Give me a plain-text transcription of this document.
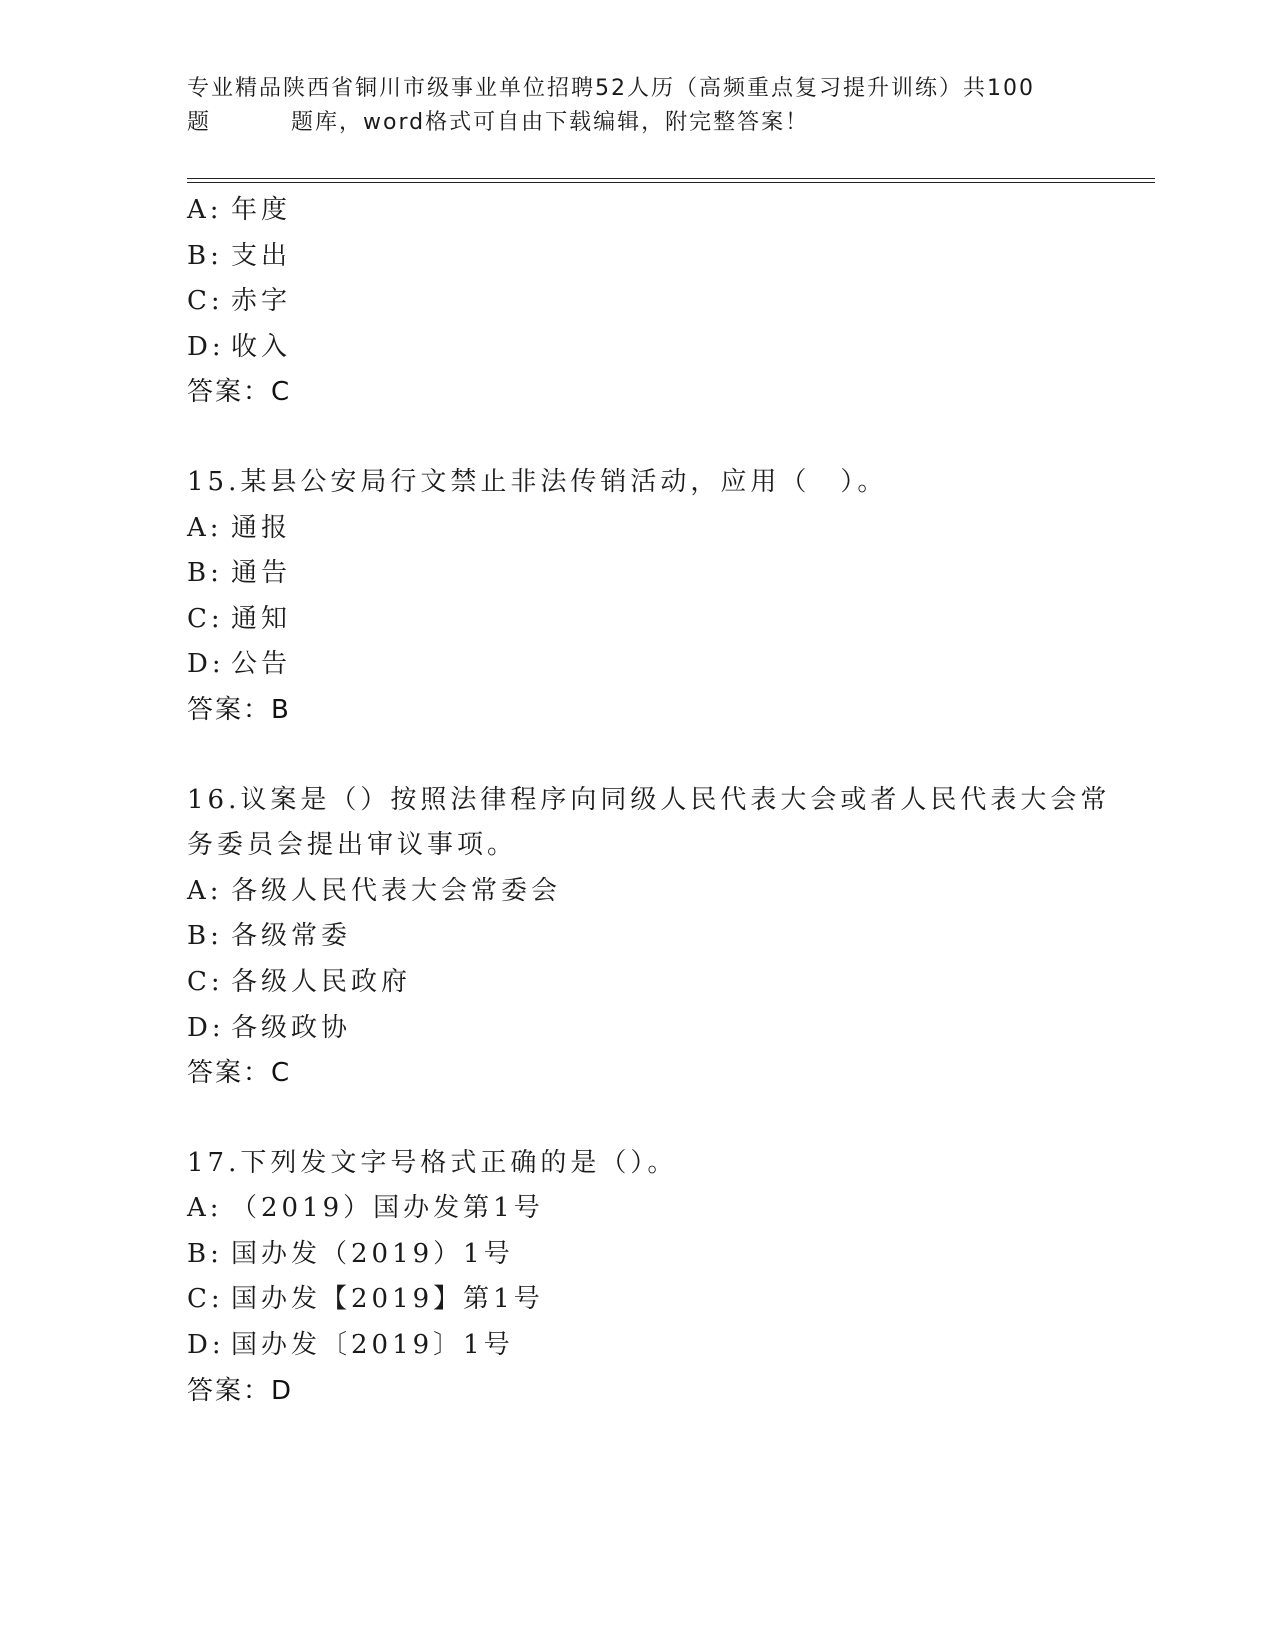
专业精品陕西省铜川市级事业单位招聘52人历（高频重点复习提升训练）共100
题	题库，word格式可自由下载编辑，附完整答案！
A: 年度
B: 支出
C: 赤字
D: 收入
答案：C
15.某县公安局行文禁止非法传销活动，应用（　）。
A: 通报
B: 通告
C: 通知
D: 公告
答案：B
16.议案是（）按照法律程序向同级人民代表大会或者人民代表大会常
务委员会提出审议事项。
A: 各级人民代表大会常委会
B: 各级常委
C: 各级人民政府
D: 各级政协
答案：C
17.下列发文字号格式正确的是（）。
A: （2019）国办发第1号
B: 国办发（2019）1号
C: 国办发【2019】第1号
D: 国办发〔2019〕1号
答案：D
